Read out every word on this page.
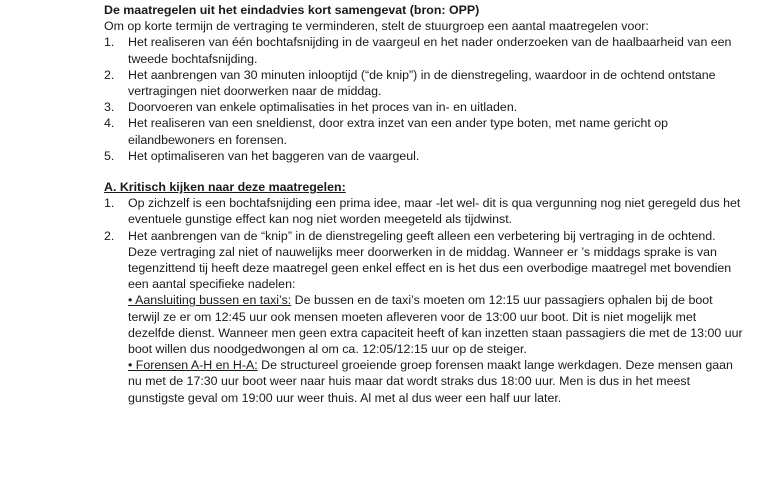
De maatregelen uit het eindadvies kort samengevat (bron: OPP)

Om op korte termijn de vertraging te verminderen, stelt de stuurgroep een aantal maatregelen voor:

1. Het realiseren van één bochtafsnijding in de vaargeul en het nader onderzoeken van de haalbaarheid van een tweede bochtafsnijding.
2. Het aanbrengen van 30 minuten inlooptijd (“de knip”) in de dienstregeling, waardoor in de ochtend ontstane vertragingen niet doorwerken naar de middag.
3. Doorvoeren van enkele optimalisaties in het proces van in- en uitladen.
4. Het realiseren van een sneldienst, door extra inzet van een ander type boten, met name gericht op eilandbewoners en forensen.
5. Het optimaliseren van het baggeren van de vaargeul.

A. Kritisch kijken naar deze maatregelen:

1. Op zichzelf is een bochtafsnijding een prima idee, maar -let wel- dit is qua vergunning nog niet geregeld dus het eventuele gunstige effect kan nog niet worden meegeteld als tijdwinst.
2. Het aanbrengen van de “knip” in de dienstregeling geeft alleen een verbetering bij vertraging in de ochtend. Deze vertraging zal niet of nauwelijks meer doorwerken in de middag. Wanneer er ’s middags sprake is van tegenzittend tij heeft deze maatregel geen enkel effect en is het dus een overbodige maatregel met bovendien een aantal specifieke nadelen:

• Aansluiting bussen en taxi’s: De bussen en de taxi’s moeten om 12:15 uur passagiers ophalen bij de boot terwijl ze er om 12:45 uur ook mensen moeten afleveren voor de 13:00 uur boot. Dit is niet mogelijk met dezelfde dienst. Wanneer men geen extra capaciteit heeft of kan inzetten staan passagiers die met de 13:00 uur boot willen dus noodgedwongen al om ca. 12:05/12:15 uur op de steiger.

• Forensen A-H en H-A: De structureel groeiende groep forensen maakt lange werkdagen. Deze mensen gaan nu met de 17:30 uur boot weer naar huis maar dat wordt straks dus 18:00 uur. Men is dus in het meest gunstigste geval om 19:00 uur weer thuis. Al met al dus weer een half uur later.
